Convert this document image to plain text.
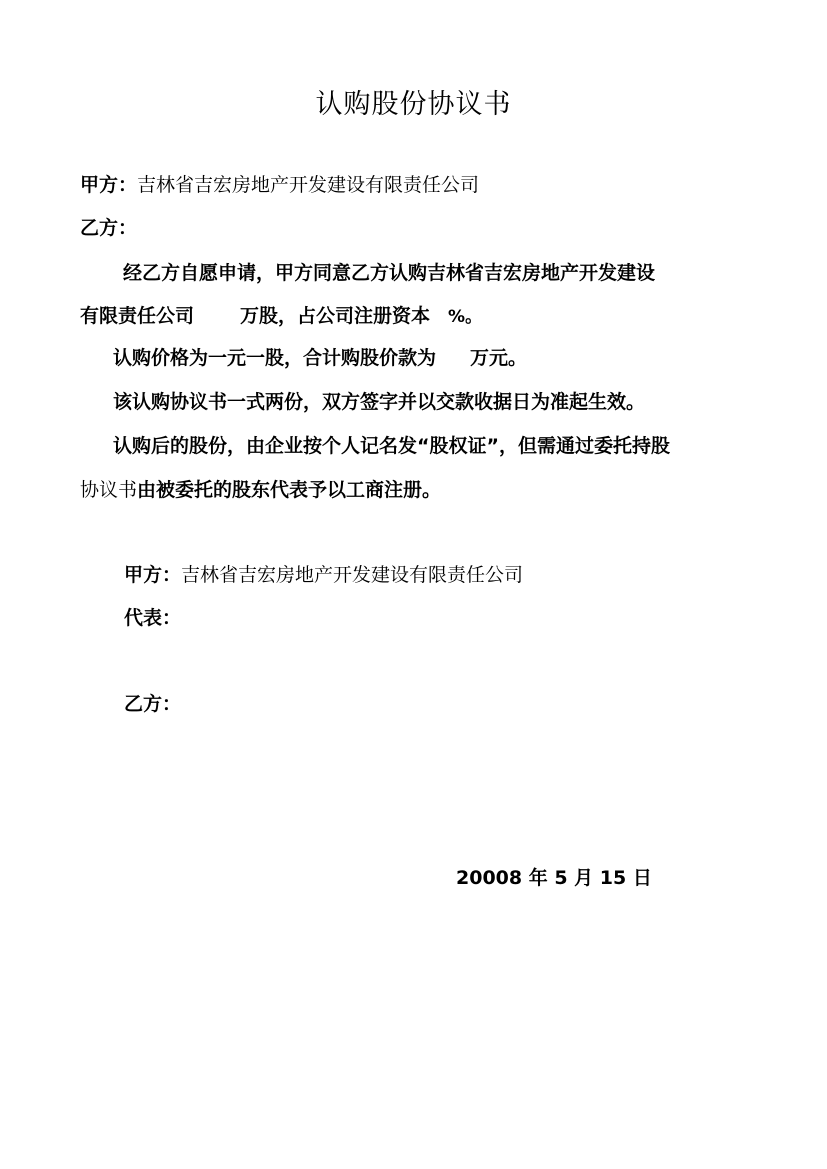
认购股份协议书
甲方：吉林省吉宏房地产开发建设有限责任公司
乙方：
经乙方自愿申请，甲方同意乙方认购吉林省吉宏房地产开发建设
有限责任公司 万股，占公司注册资本 %。
认购价格为一元一股，合计购股价款为 万元。
该认购协议书一式两份，双方签字并以交款收据日为准起生效。
认购后的股份，由企业按个人记名发“股权证”，但需通过委托持股
协议书由被委托的股东代表予以工商注册。
甲方：吉林省吉宏房地产开发建设有限责任公司
代表：
乙方：
20008 年 5 月 15 日
